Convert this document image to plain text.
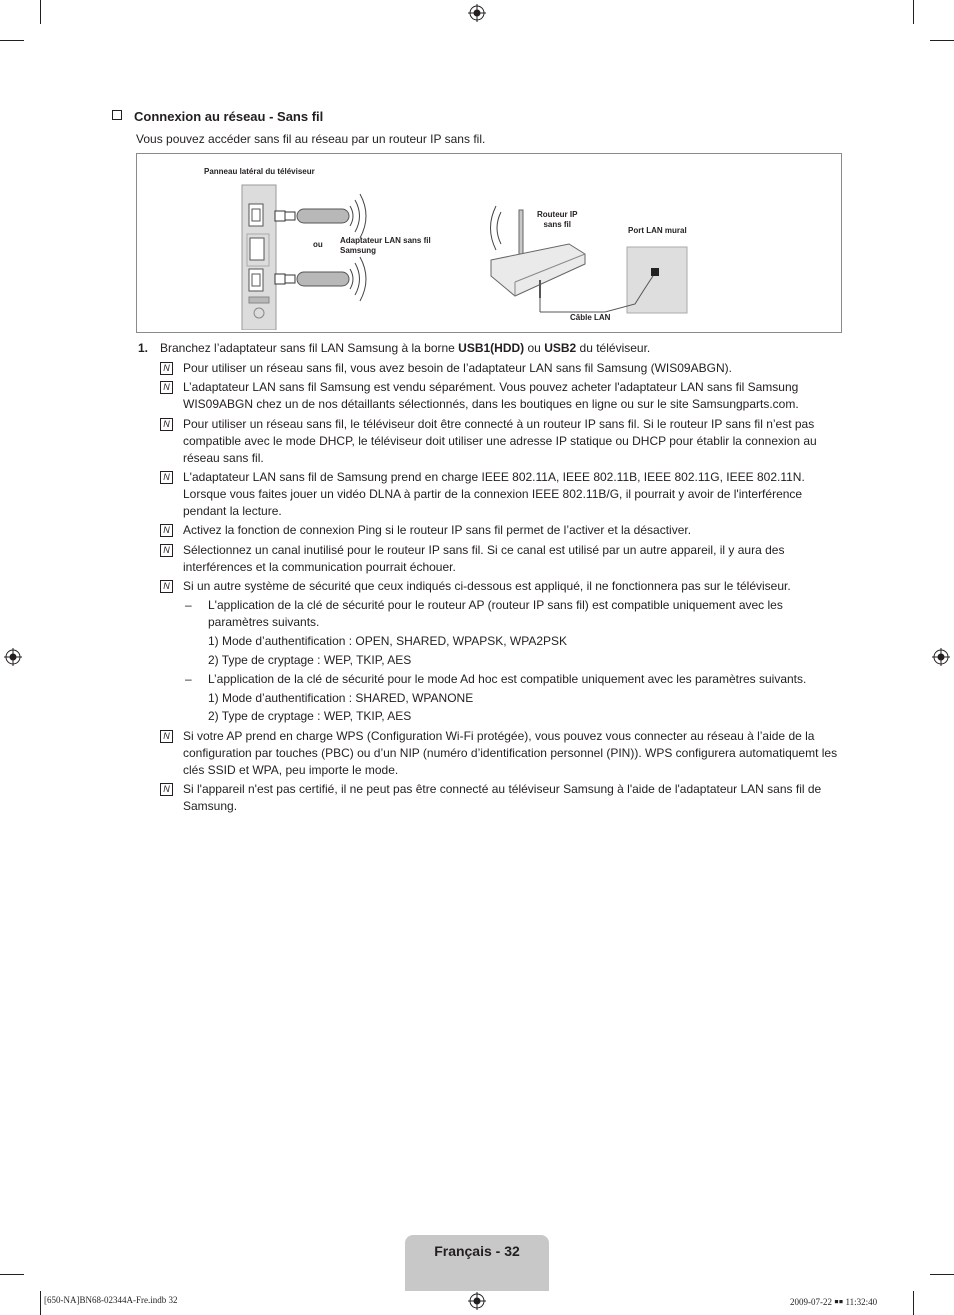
Connexion au réseau - Sans fil
Vous pouvez accéder sans fil au réseau par un routeur IP sans fil.
Panneau latéral du téléviseur
ou Adaptateur LAN sans fil
Samsung
Routeur IP
sans fil
Port LAN mural
Câble LAN
1. Branchez l’adaptateur sans fil LAN Samsung à la borne USB1(HDD) ou USB2 du téléviseur.
N Pour utiliser un réseau sans fil, vous avez besoin de l’adaptateur LAN sans fil Samsung (WIS09ABGN).
N L’adaptateur LAN sans fil Samsung est vendu séparément. Vous pouvez acheter l'adaptateur LAN sans fil Samsung WIS09ABGN chez un de nos détaillants sélectionnés, dans les boutiques en ligne ou sur le site Samsungparts.com.
N Pour utiliser un réseau sans fil, le téléviseur doit être connecté à un routeur IP sans fil. Si le routeur IP sans fil n’est pas compatible avec le mode DHCP, le téléviseur doit utiliser une adresse IP statique ou DHCP pour établir la connexion au réseau sans fil.
N L'adaptateur LAN sans fil de Samsung prend en charge IEEE 802.11A, IEEE 802.11B, IEEE 802.11G, IEEE 802.11N. Lorsque vous faites jouer un vidéo DLNA à partir de la connexion IEEE 802.11B/G, il pourrait y avoir de l'interférence pendant la lecture.
N Activez la fonction de connexion Ping si le routeur IP sans fil permet de l’activer et la désactiver.
N Sélectionnez un canal inutilisé pour le routeur IP sans fil. Si ce canal est utilisé par un autre appareil, il y aura des interférences et la communication pourrait échouer.
N Si un autre système de sécurité que ceux indiqués ci-dessous est appliqué, il ne fonctionnera pas sur le téléviseur.
– L'application de la clé de sécurité pour le routeur AP (routeur IP sans fil) est compatible uniquement avec les paramètres suivants.
1) Mode d’authentification : OPEN, SHARED, WPAPSK, WPA2PSK
2) Type de cryptage : WEP, TKIP, AES
– L’application de la clé de sécurité pour le mode Ad hoc est compatible uniquement avec les paramètres suivants.
1) Mode d’authentification : SHARED, WPANONE
2) Type de cryptage : WEP, TKIP, AES
N Si votre AP prend en charge WPS (Configuration Wi-Fi protégée), vous pouvez vous connecter au réseau à l’aide de la configuration par touches (PBC) ou d’un NIP (numéro d’identification personnel (PIN)). WPS configurera automatiquemt les clés SSID et WPA, peu importe le mode.
N Si l'appareil n'est pas certifié, il ne peut pas être connecté au téléviseur Samsung à l'aide de l'adaptateur LAN sans fil de Samsung.
Français - 32
[650-NA]BN68-02344A-Fre.indb 32	2009-07-22 ￭￭ 11:32:40
